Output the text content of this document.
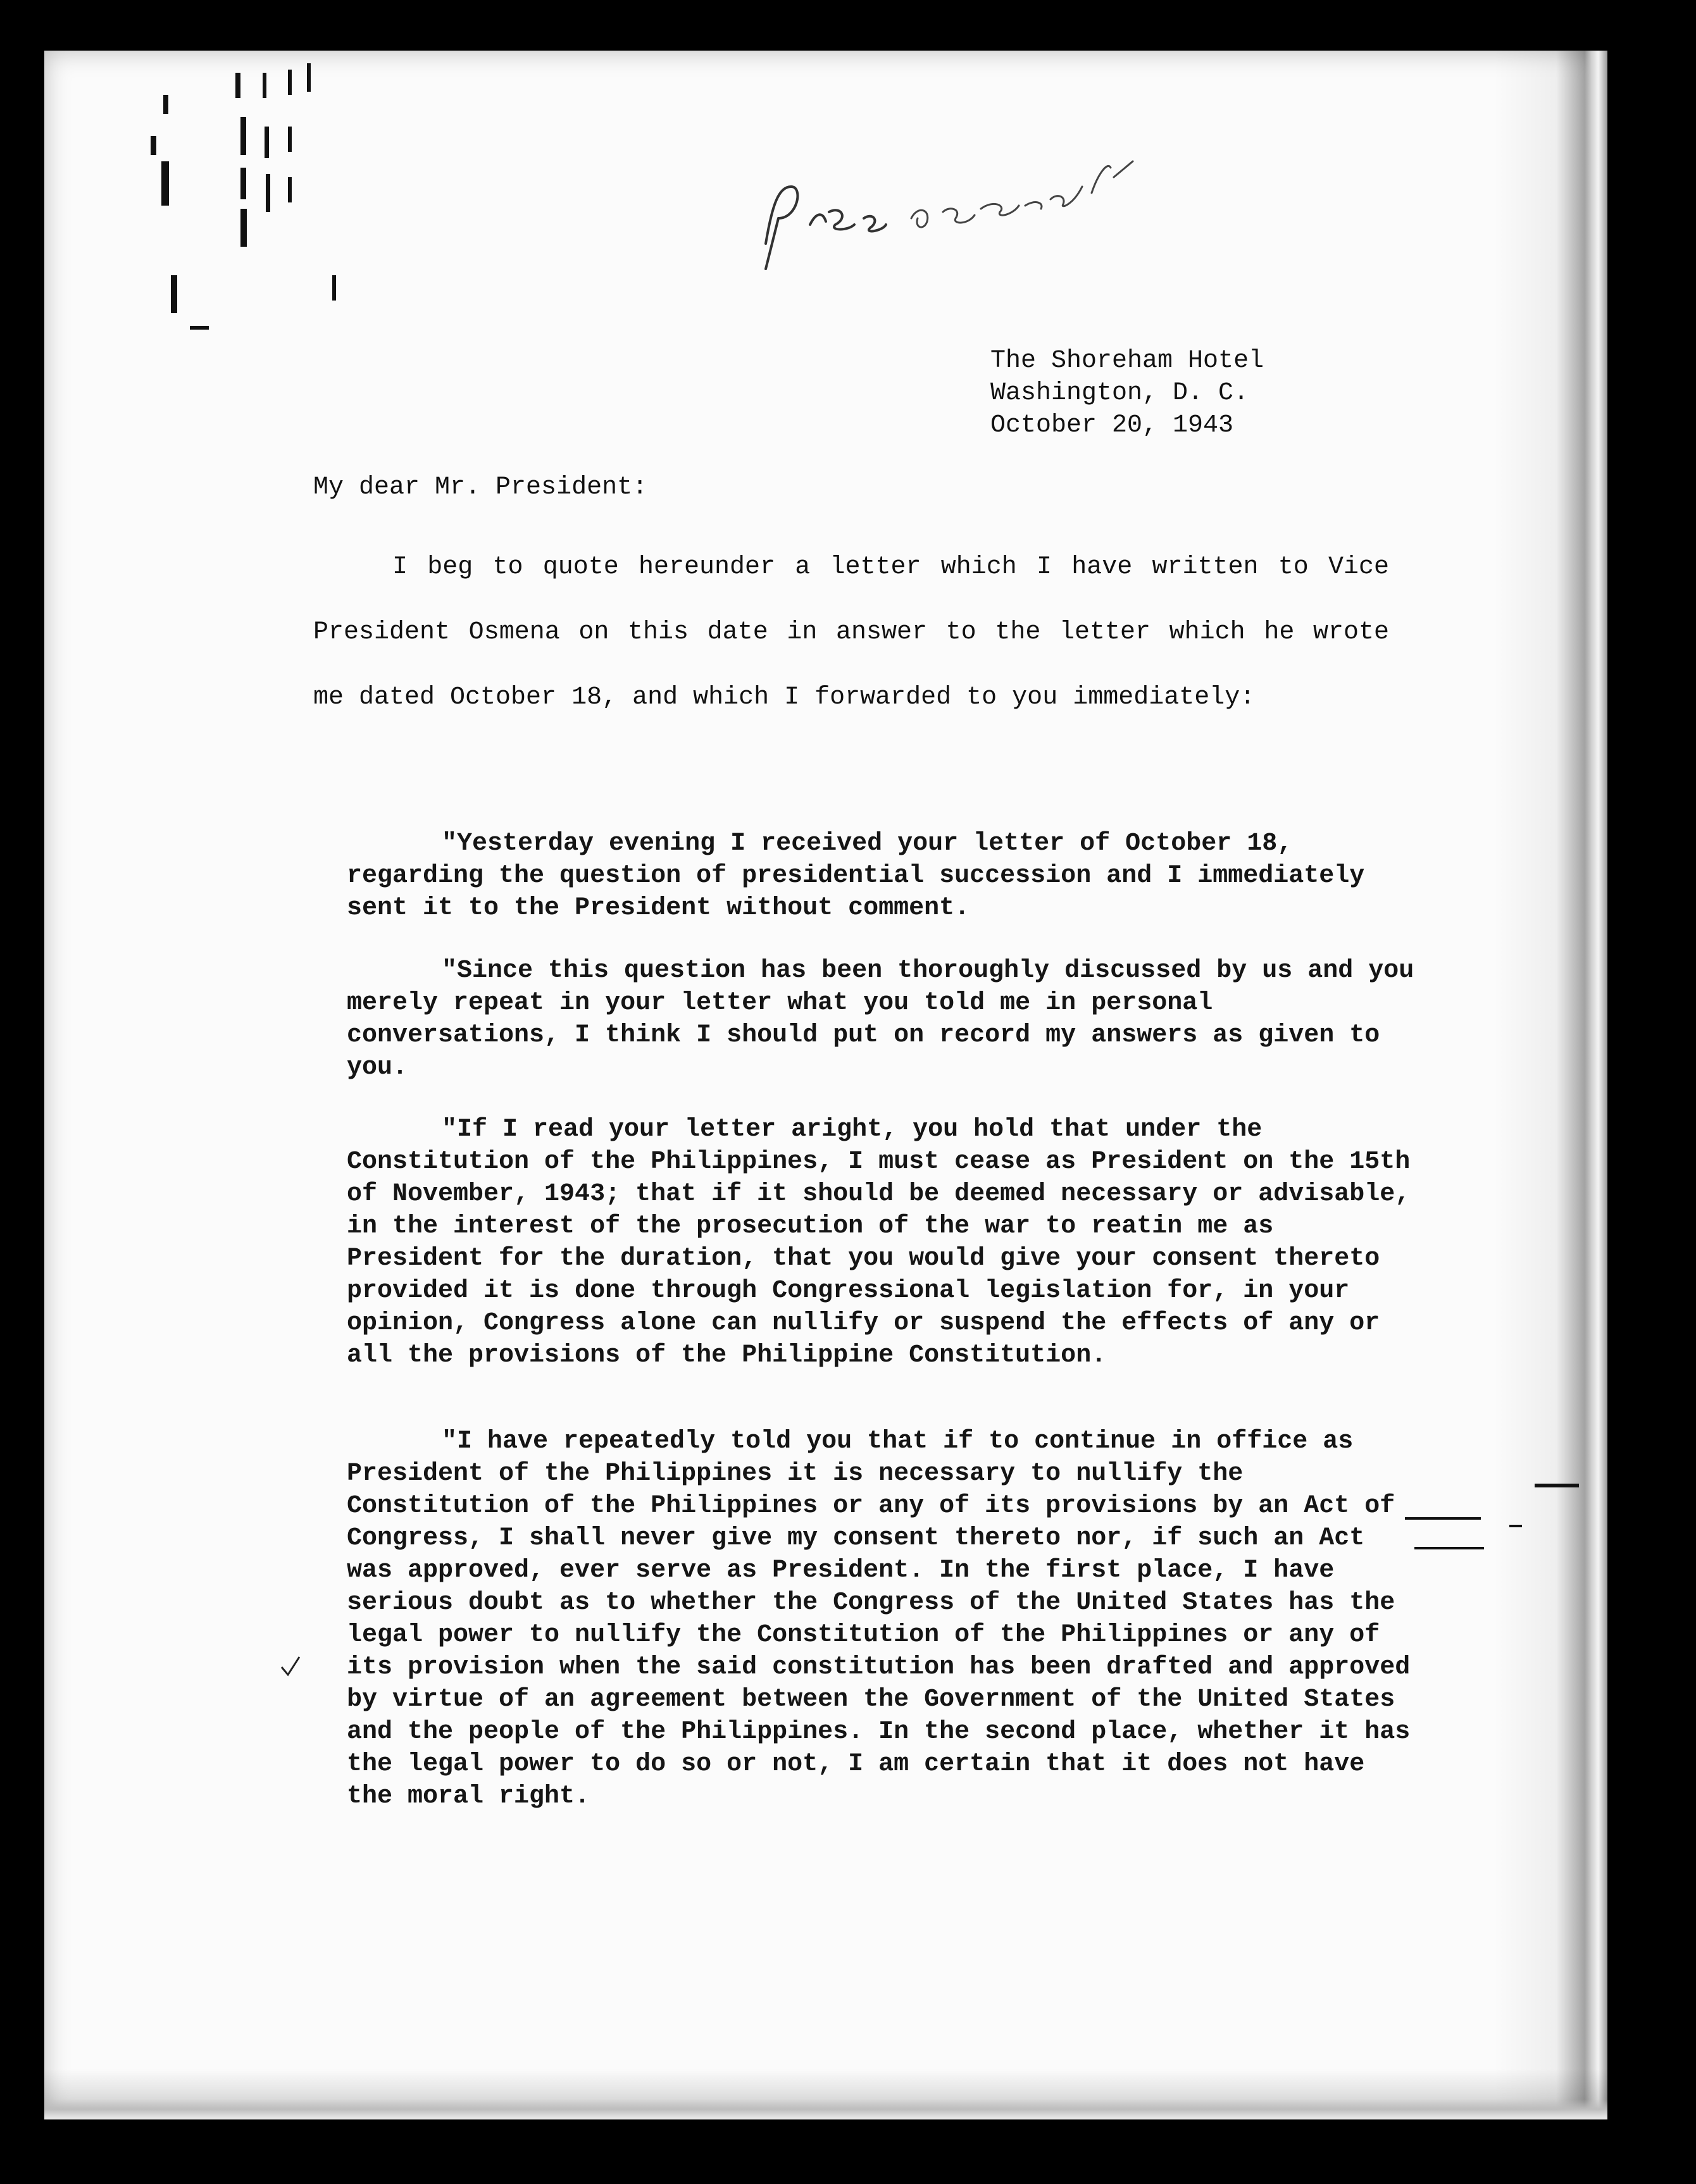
The Shoreham Hotel
Washington, D. C.
October 20, 1943
My dear Mr. President:

I beg to quote hereunder a letter which I have written to Vice President Osmena on this date in answer to the letter which he wrote me dated October 18, and which I forwarded to you immediately:

"Yesterday evening I received your letter of October 18, regarding the question of presidential succession and I immediately sent it to the President without comment.

"Since this question has been thoroughly discussed by us and you merely repeat in your letter what you told me in personal conversations, I think I should put on record my answers as given to you.

"If I read your letter aright, you hold that under the Constitution of the Philippines, I must cease as President on the 15th of November, 1943; that if it should be deemed necessary or advisable, in the interest of the prosecution of the war to reatin me as President for the duration, that you would give your consent thereto provided it is done through Congressional legislation for, in your opinion, Congress alone can nullify or suspend the effects of any or all the provisions of the Philippine Constitution.

"I have repeatedly told you that if to continue in office as President of the Philippines it is necessary to nullify the Constitution of the Philippines or any of its provisions by an Act of Congress, I shall never give my consent thereto nor, if such an Act was approved, ever serve as President. In the first place, I have serious doubt as to whether the Congress of the United States has the legal power to nullify the Constitution of the Philippines or any of its provision when the said constitution has been drafted and approved by virtue of an agreement between the Government of the United States and the people of the Philippines. In the second place, whether it has the legal power to do so or not, I am certain that it does not have the moral right.
